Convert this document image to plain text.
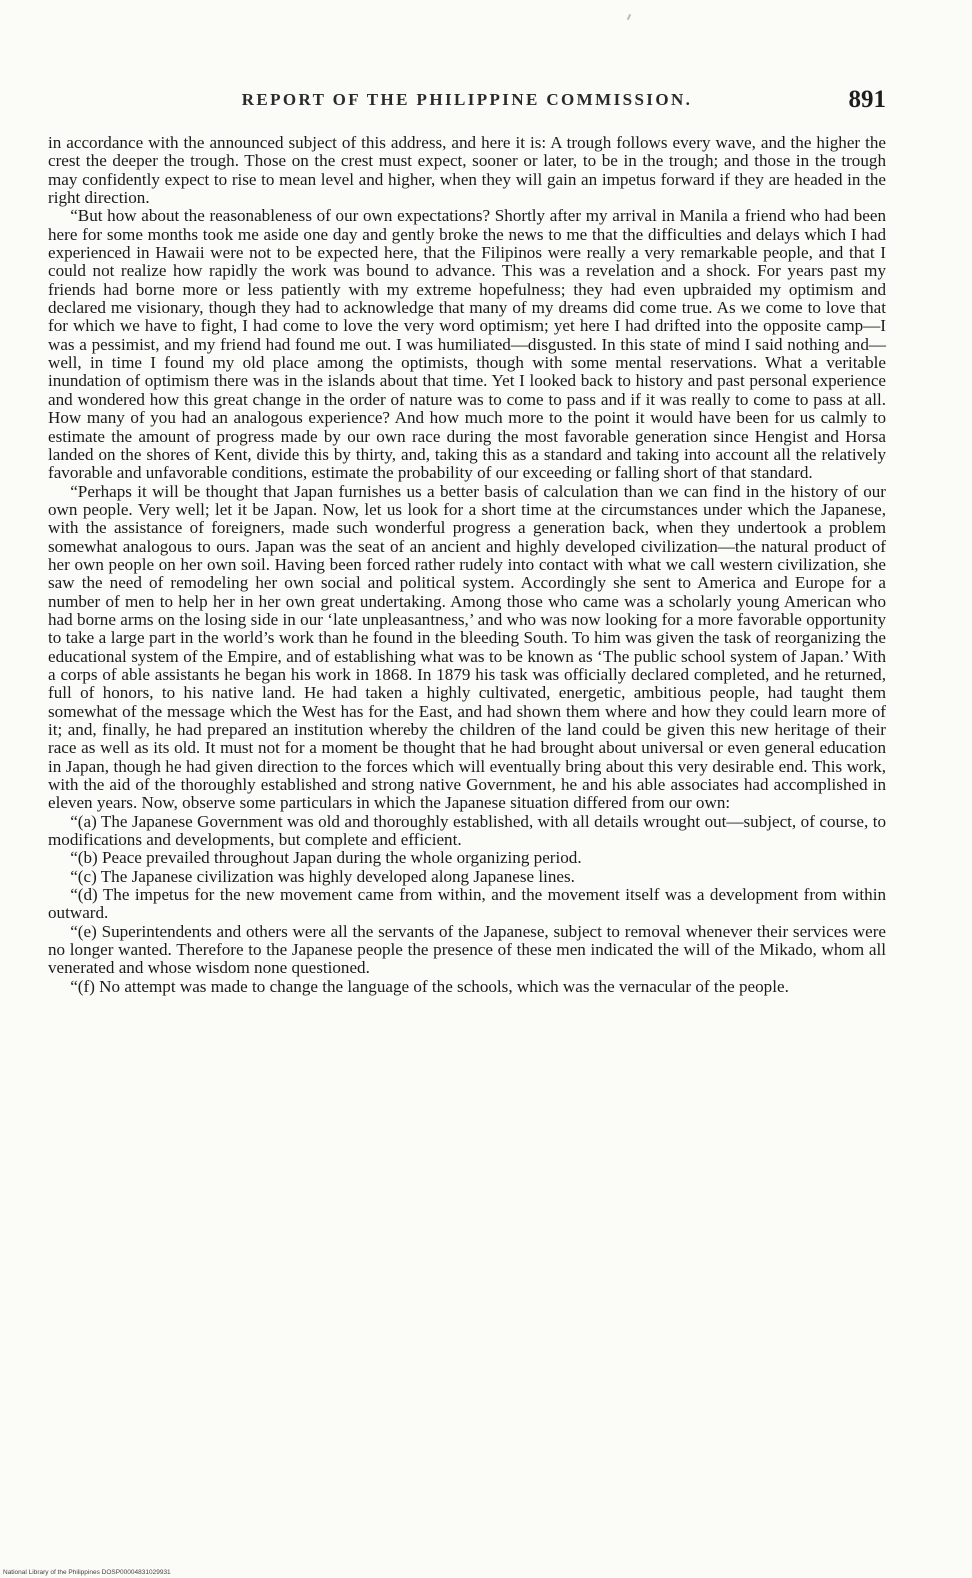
REPORT OF THE PHILIPPINE COMMISSION.	891

in accordance with the announced subject of this address, and here it is: A trough follows every wave, and the higher the crest the deeper the trough. Those on the crest must expect, sooner or later, to be in the trough; and those in the trough may confidently expect to rise to mean level and higher, when they will gain an impetus forward if they are headed in the right direction.

“But how about the reasonableness of our own expectations? Shortly after my arrival in Manila a friend who had been here for some months took me aside one day and gently broke the news to me that the difficulties and delays which I had experienced in Hawaii were not to be expected here, that the Filipinos were really a very remarkable people, and that I could not realize how rapidly the work was bound to advance. This was a revelation and a shock. For years past my friends had borne more or less patiently with my extreme hopefulness; they had even upbraided my optimism and declared me visionary, though they had to acknowledge that many of my dreams did come true. As we come to love that for which we have to fight, I had come to love the very word optimism; yet here I had drifted into the opposite camp—I was a pessimist, and my friend had found me out. I was humiliated—disgusted. In this state of mind I said nothing and—well, in time I found my old place among the optimists, though with some mental reservations. What a veritable inundation of optimism there was in the islands about that time. Yet I looked back to history and past personal experience and wondered how this great change in the order of nature was to come to pass and if it was really to come to pass at all. How many of you had an analogous experience? And how much more to the point it would have been for us calmly to estimate the amount of progress made by our own race during the most favorable generation since Hengist and Horsa landed on the shores of Kent, divide this by thirty, and, taking this as a standard and taking into account all the relatively favorable and unfavorable conditions, estimate the probability of our exceeding or falling short of that standard.

“Perhaps it will be thought that Japan furnishes us a better basis of calculation than we can find in the history of our own people. Very well; let it be Japan. Now, let us look for a short time at the circumstances under which the Japanese, with the assistance of foreigners, made such wonderful progress a generation back, when they undertook a problem somewhat analogous to ours. Japan was the seat of an ancient and highly developed civilization—the natural product of her own people on her own soil. Having been forced rather rudely into contact with what we call western civilization, she saw the need of remodeling her own social and political system. Accordingly she sent to America and Europe for a number of men to help her in her own great undertaking. Among those who came was a scholarly young American who had borne arms on the losing side in our ‘late unpleasantness,’ and who was now looking for a more favorable opportunity to take a large part in the world’s work than he found in the bleeding South. To him was given the task of reorganizing the educational system of the Empire, and of establishing what was to be known as ‘The public school system of Japan.’ With a corps of able assistants he began his work in 1868. In 1879 his task was officially declared completed, and he returned, full of honors, to his native land. He had taken a highly cultivated, energetic, ambitious people, had taught them somewhat of the message which the West has for the East, and had shown them where and how they could learn more of it; and, finally, he had prepared an institution whereby the children of the land could be given this new heritage of their race as well as its old. It must not for a moment be thought that he had brought about universal or even general education in Japan, though he had given direction to the forces which will eventually bring about this very desirable end. This work, with the aid of the thoroughly established and strong native Government, he and his able associates had accomplished in eleven years. Now, observe some particulars in which the Japanese situation differed from our own:

“(a) The Japanese Government was old and thoroughly established, with all details wrought out—subject, of course, to modifications and developments, but complete and efficient.

“(b) Peace prevailed throughout Japan during the whole organizing period.

“(c) The Japanese civilization was highly developed along Japanese lines.

“(d) The impetus for the new movement came from within, and the movement itself was a development from within outward.

“(e) Superintendents and others were all the servants of the Japanese, subject to removal whenever their services were no longer wanted. Therefore to the Japanese people the presence of these men indicated the will of the Mikado, whom all venerated and whose wisdom none questioned.

“(f) No attempt was made to change the language of the schools, which was the vernacular of the people.

National Library of the Philippines DOSP00004831029931
